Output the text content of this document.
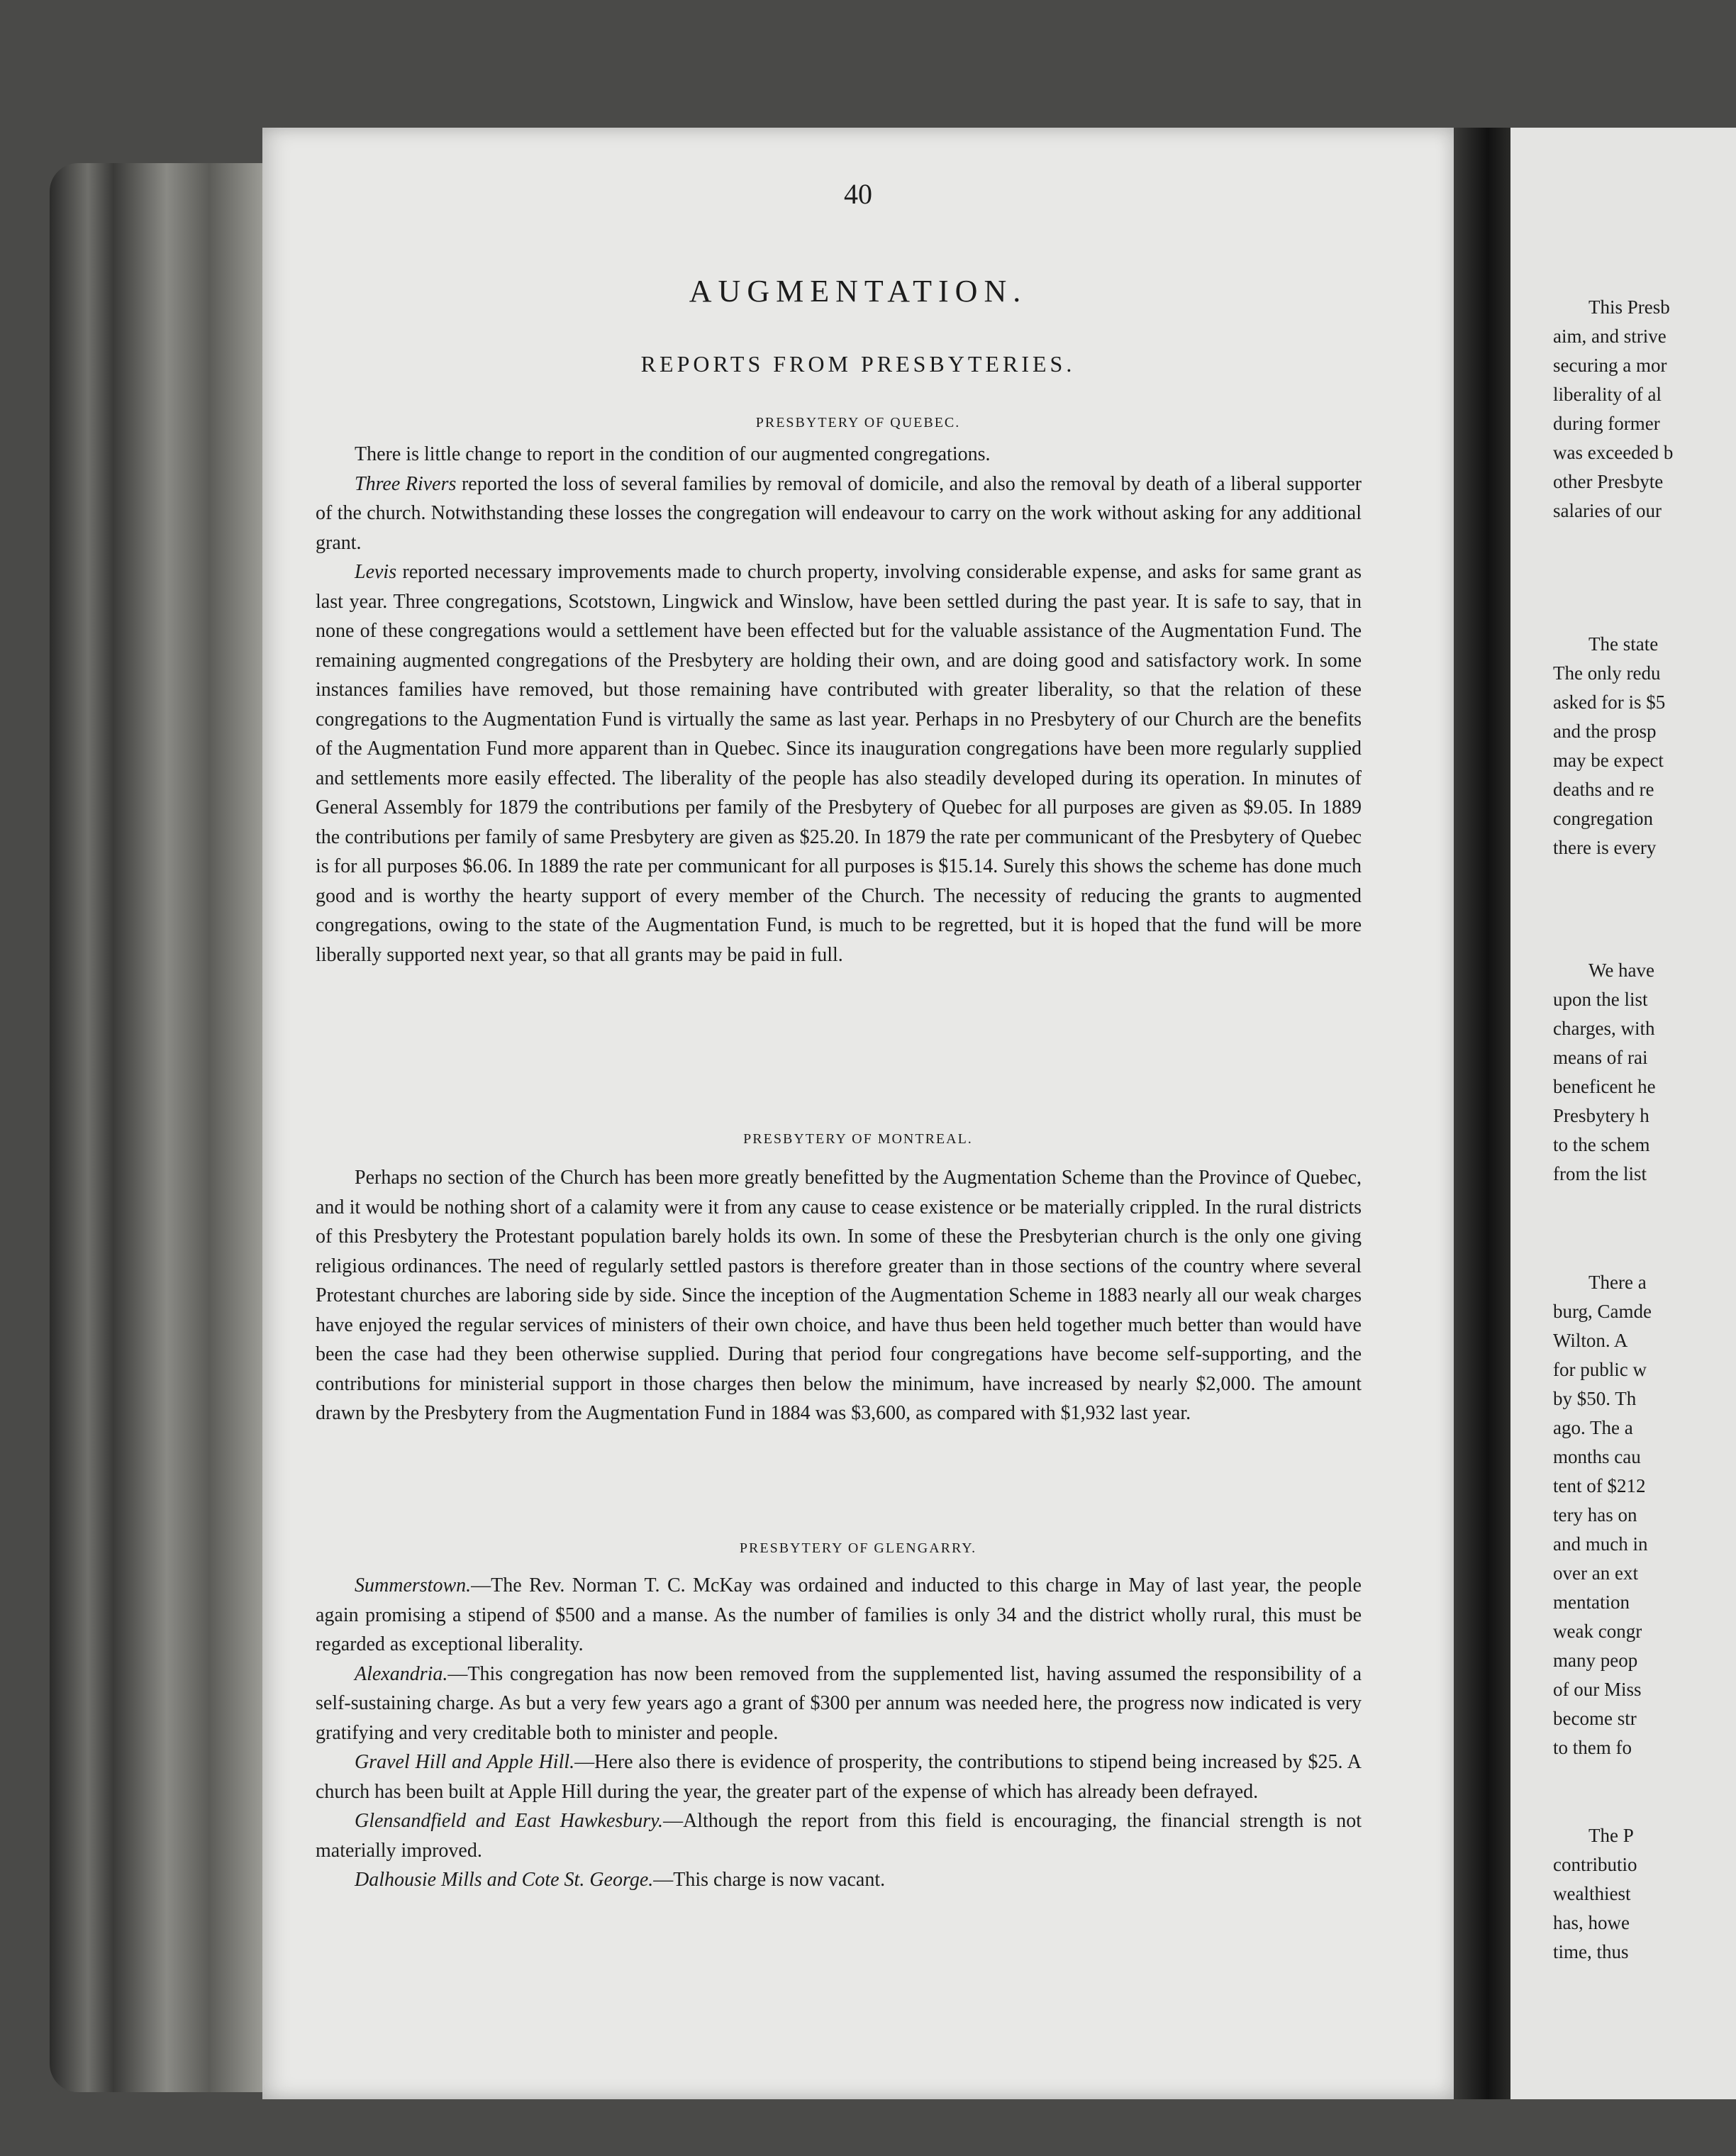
40
AUGMENTATION.
REPORTS FROM PRESBYTERIES.
PRESBYTERY OF QUEBEC.

There is little change to report in the condition of our augmented congregations.

Three Rivers reported the loss of several families by removal of domicile, and also the removal by death of a liberal supporter of the church. Notwithstanding these losses the congregation will endeavour to carry on the work without asking for any additional grant.

Levis reported necessary improvements made to church property, involving considerable expense, and asks for same grant as last year. Three congregations, Scotstown, Lingwick and Winslow, have been settled during the past year. It is safe to say, that in none of these congregations would a settlement have been effected but for the valuable assistance of the Augmentation Fund. The remaining augmented congregations of the Presbytery are holding their own, and are doing good and satisfactory work. In some instances families have removed, but those remaining have contributed with greater liberality, so that the relation of these congregations to the Augmentation Fund is virtually the same as last year. Perhaps in no Presbytery of our Church are the benefits of the Augmentation Fund more apparent than in Quebec. Since its inauguration congregations have been more regularly supplied and settlements more easily effected. The liberality of the people has also steadily developed during its operation. In minutes of General Assembly for 1879 the contributions per family of the Presbytery of Quebec for all purposes are given as $9.05. In 1889 the contributions per family of same Presbytery are given as $25.20. In 1879 the rate per communicant of the Presbytery of Quebec is for all purposes $6.06. In 1889 the rate per communicant for all purposes is $15.14. Surely this shows the scheme has done much good and is worthy the hearty support of every member of the Church. The necessity of reducing the grants to augmented congregations, owing to the state of the Augmentation Fund, is much to be regretted, but it is hoped that the fund will be more liberally supported next year, so that all grants may be paid in full.

PRESBYTERY OF MONTREAL.

Perhaps no section of the Church has been more greatly benefitted by the Augmentation Scheme than the Province of Quebec, and it would be nothing short of a calamity were it from any cause to cease existence or be materially crippled. In the rural districts of this Presbytery the Protestant population barely holds its own. In some of these the Presbyterian church is the only one giving religious ordinances. The need of regularly settled pastors is therefore greater than in those sections of the country where several Protestant churches are laboring side by side. Since the inception of the Augmentation Scheme in 1883 nearly all our weak charges have enjoyed the regular services of ministers of their own choice, and have thus been held together much better than would have been the case had they been otherwise supplied. During that period four congregations have become self-supporting, and the contributions for ministerial support in those charges then below the minimum, have increased by nearly $2,000. The amount drawn by the Presbytery from the Augmentation Fund in 1884 was $3,600, as compared with $1,932 last year.

PRESBYTERY OF GLENGARRY.

Summerstown.—The Rev. Norman T. C. McKay was ordained and inducted to this charge in May of last year, the people again promising a stipend of $500 and a manse. As the number of families is only 34 and the district wholly rural, this must be regarded as exceptional liberality.

Alexandria.—This congregation has now been removed from the supplemented list, having assumed the responsibility of a self-sustaining charge. As but a very few years ago a grant of $300 per annum was needed here, the progress now indicated is very gratifying and very creditable both to minister and people.

Gravel Hill and Apple Hill.—Here also there is evidence of prosperity, the contributions to stipend being increased by $25. A church has been built at Apple Hill during the year, the greater part of the expense of which has already been defrayed.

Glensandfield and East Hawkesbury.—Although the report from this field is encouraging, the financial strength is not materially improved.

Dalhousie Mills and Cote St. George.—This charge is now vacant.

This Presb
aim, and strive
securing a mor
liberality of al
during former
was exceeded b
other Presbyte
salaries of our
The state
The only redu
asked for is $5
and the prosp
may be expect
deaths and re
congregation
there is every
We have
upon the list
charges, with
means of rai
beneficent he
Presbytery h
to the schem
from the list
There a
burg, Camde
Wilton. A
for public w
by $50. Th
ago. The a
months cau
tent of $212
tery has on
and much in
over an ext
mentation
weak congr
many peop
of our Miss
become str
to them fo
The P
contributio
wealthiest
has, howe
time, thus
